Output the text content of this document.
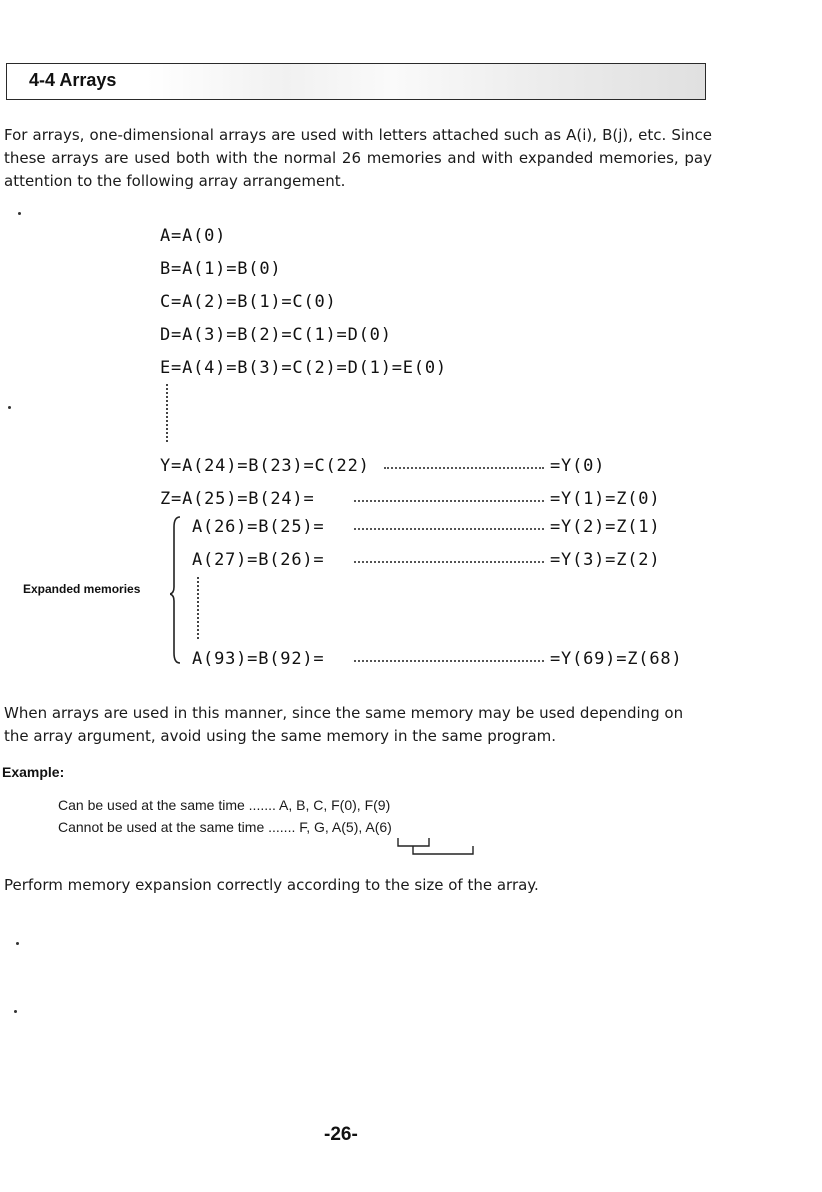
4-4 Arrays

For arrays, one-dimensional arrays are used with letters attached such as A(i), B(j), etc. Since these arrays are used both with the normal 26 memories and with expanded memories, pay attention to the following array arrangement.

A=A(0)
B=A(1)=B(0)
C=A(2)=B(1)=C(0)
D=A(3)=B(2)=C(1)=D(0)
E=A(4)=B(3)=C(2)=D(1)=E(0)
Y=A(24)=B(23)=C(22)	=Y(0)
Z=A(25)=B(24)=	=Y(1)=Z(0)
Expanded memories
A(26)=B(25)=	=Y(2)=Z(1)
A(27)=B(26)=	=Y(3)=Z(2)
A(93)=B(92)=	=Y(69)=Z(68)

When arrays are used in this manner, since the same memory may be used depending on the array argument, avoid using the same memory in the same program.

Example:
Can be used at the same time ....... A, B, C, F(0), F(9)
Cannot be used at the same time ....... F, G, A(5), A(6)

Perform memory expansion correctly according to the size of the array.

-26-
